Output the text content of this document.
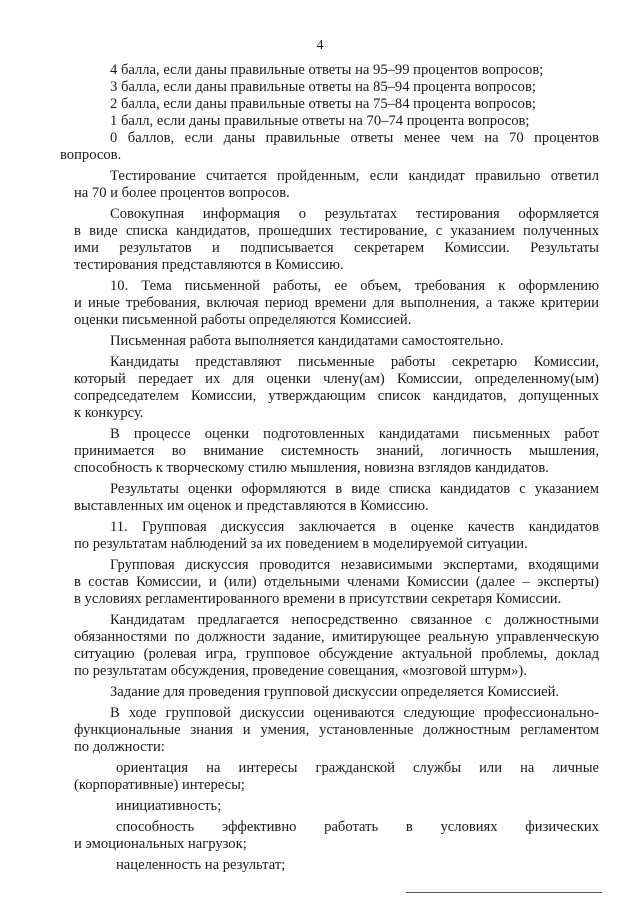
4
4 балла, если даны правильные ответы на 95–99 процентов вопросов;
3 балла, если даны правильные ответы на 85–94 процента вопросов;
2 балла, если даны правильные ответы на 75–84 процента вопросов;
1 балл, если даны правильные ответы на 70–74 процента вопросов;
0 баллов, если даны правильные ответы менее чем на 70 процентов
вопросов.
Тестирование считается пройденным, если кандидат правильно ответил
на 70 и более процентов вопросов.
Совокупная информация о результатах тестирования оформляется
в виде списка кандидатов, прошедших тестирование, с указанием полученных
ими результатов и подписывается секретарем Комиссии. Результаты
тестирования представляются в Комиссию.
10. Тема письменной работы, ее объем, требования к оформлению
и иные требования, включая период времени для выполнения, а также критерии
оценки письменной работы определяются Комиссией.
Письменная работа выполняется кандидатами самостоятельно.
Кандидаты представляют письменные работы секретарю Комиссии,
который передает их для оценки члену(ам) Комиссии, определенному(ым)
сопредседателем Комиссии, утверждающим список кандидатов, допущенных
к конкурсу.
В процессе оценки подготовленных кандидатами письменных работ
принимается во внимание системность знаний, логичность мышления,
способность к творческому стилю мышления, новизна взглядов кандидатов.
Результаты оценки оформляются в виде списка кандидатов с указанием
выставленных им оценок и представляются в Комиссию.
11. Групповая дискуссия заключается в оценке качеств кандидатов
по результатам наблюдений за их поведением в моделируемой ситуации.
Групповая дискуссия проводится независимыми экспертами, входящими
в состав Комиссии, и (или) отдельными членами Комиссии (далее – эксперты)
в условиях регламентированного времени в присутствии секретаря Комиссии.
Кандидатам предлагается непосредственно связанное с должностными
обязанностями по должности задание, имитирующее реальную управленческую
ситуацию (ролевая игра, групповое обсуждение актуальной проблемы, доклад
по результатам обсуждения, проведение совещания, «мозговой штурм»).
Задание для проведения групповой дискуссии определяется Комиссией.
В ходе групповой дискуссии оцениваются следующие профессионально-
функциональные знания и умения, установленные должностным регламентом
по должности:
ориентация на интересы гражданской службы или на личные
(корпоративные) интересы;
инициативность;
способность эффективно работать в условиях физических
и эмоциональных нагрузок;
нацеленность на результат;
